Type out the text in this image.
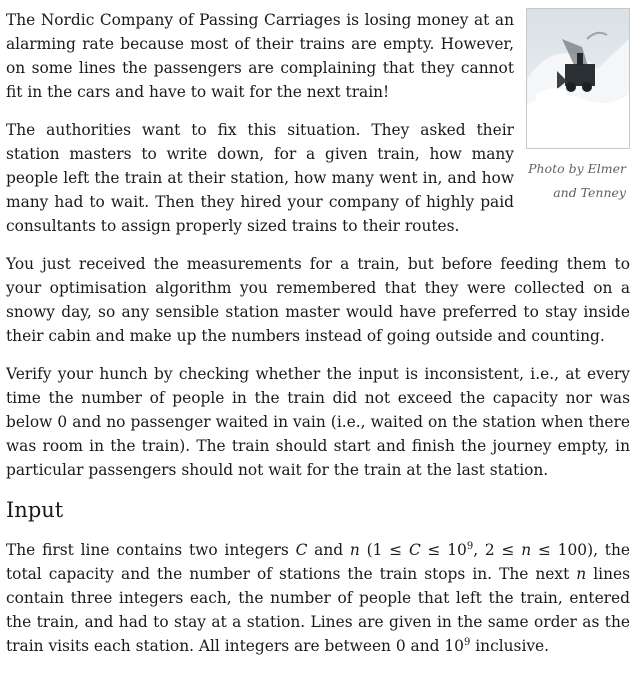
Photo by Elmer and Tenney

The Nordic Company of Passing Carriages is losing money at an alarming rate because most of their trains are empty. However, on some lines the passengers are complaining that they cannot fit in the cars and have to wait for the next train!

The authorities want to fix this situation. They asked their station masters to write down, for a given train, how many people left the train at their station, how many went in, and how many had to wait. Then they hired your company of highly paid consultants to assign properly sized trains to their routes.

You just received the measurements for a train, but before feeding them to your optimisation algorithm you remembered that they were collected on a snowy day, so any sensible station master would have preferred to stay inside their cabin and make up the numbers instead of going outside and counting.

Verify your hunch by checking whether the input is inconsistent, i.e., at every time the number of people in the train did not exceed the capacity nor was below 0 and no passenger waited in vain (i.e., waited on the station when there was room in the train). The train should start and finish the journey empty, in particular passengers should not wait for the train at the last station.

Input

The first line contains two integers C and n ($1 \le C \le 10^9$, 2 ≤ n ≤ 100), the total capacity and the number of stations the train stops in. The next n lines contain three integers each, the number of people that left the train, entered the train, and had to stay at a station. Lines are given in the same order as the train visits each station. All integers are between 0 and $10^9$ inclusive.
